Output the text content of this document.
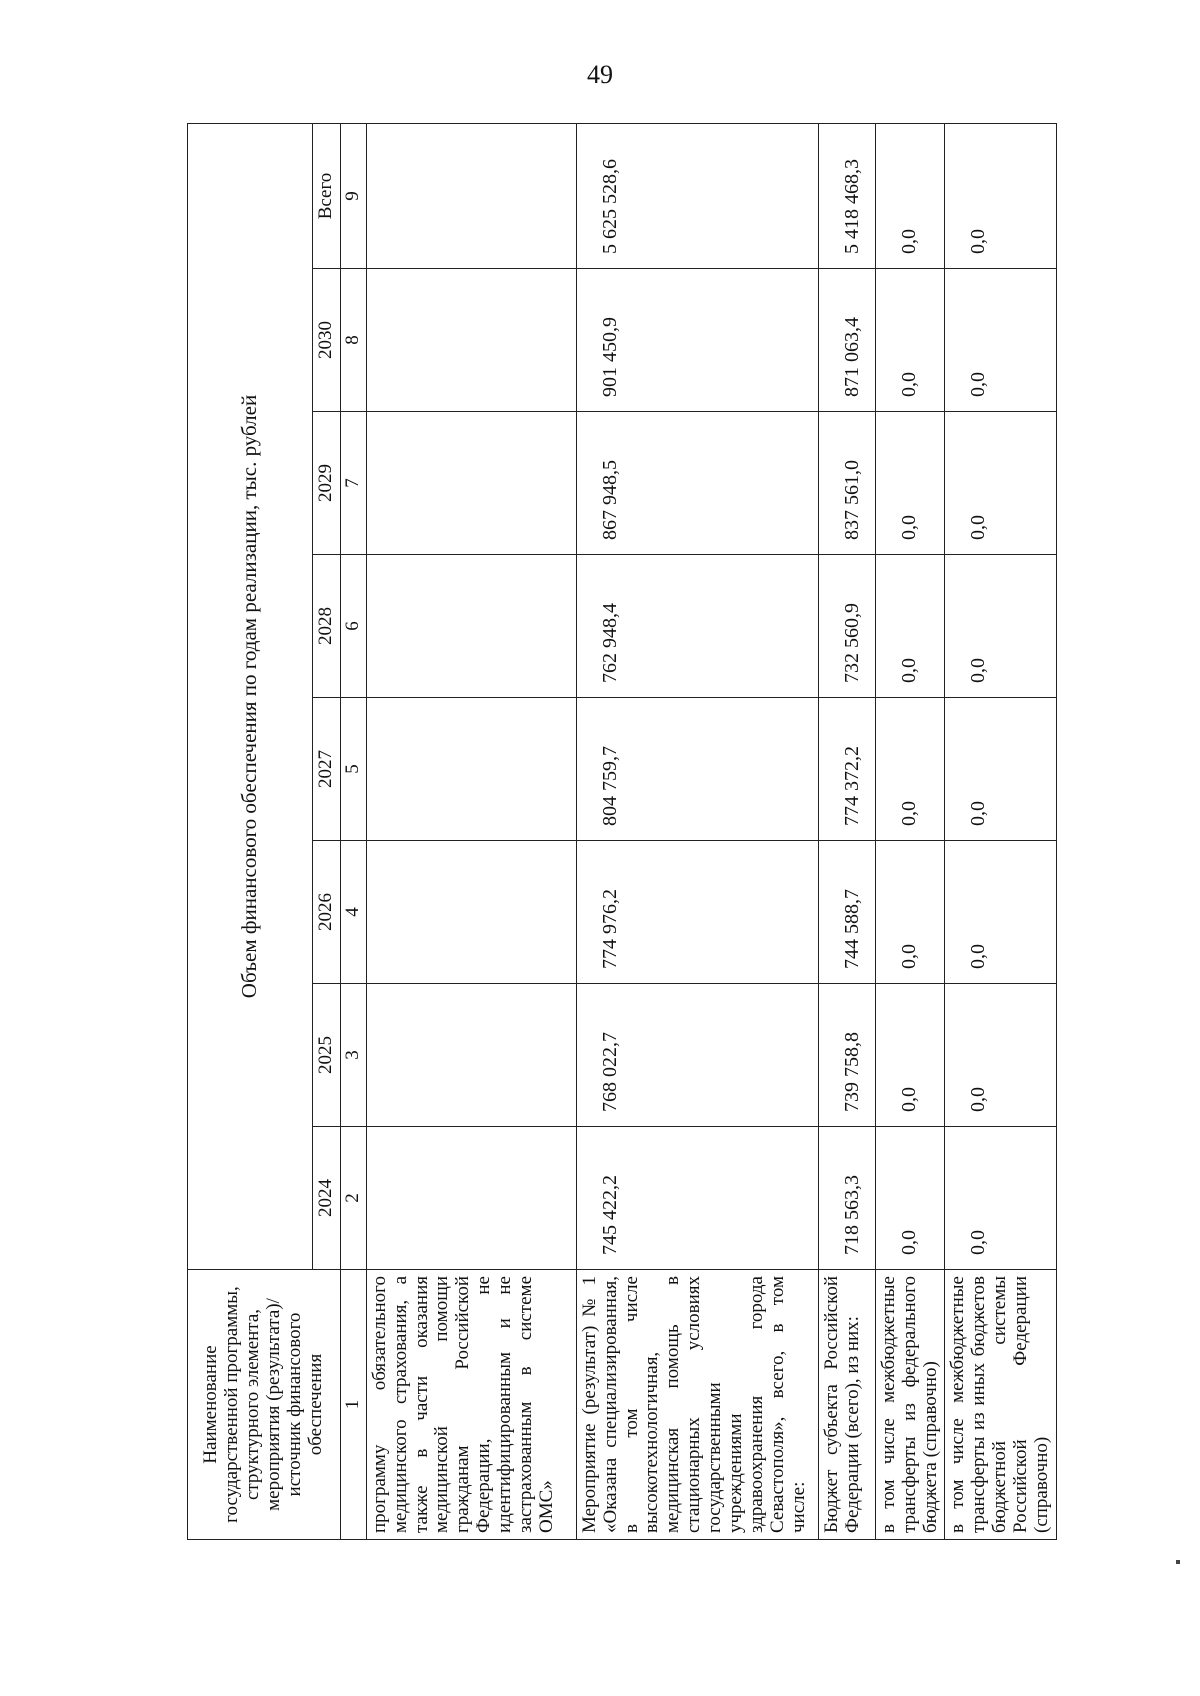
49
Наименование государственной программы, структурного элемента, мероприятия (результата)/источник финансового обеспечения	Объем финансового обеспечения по годам реализации, тыс. рублей							
	2024	2025	2026	2027	2028	2029	2030	Всего
1	2	3	4	5	6	7	8	9
программу обязательного медицинского страхования, а также в части оказания медицинской помощи гражданам Российской Федерации, не идентифицированным и не застрахованным в системе ОМС»								
Мероприятие (результат) № 1 «Оказана специализированная, в том числе высокотехнологичная, медицинская помощь в стационарных условиях государственными учреждениями здравоохранения города Севастополя», всего, в том числе:	745 422,2	768 022,7	774 976,2	804 759,7	762 948,4	867 948,5	901 450,9	5 625 528,6
Бюджет субъекта Российской Федерации (всего), из них:	718 563,3	739 758,8	744 588,7	774 372,2	732 560,9	837 561,0	871 063,4	5 418 468,3
в том числе межбюджетные трансферты из федерального бюджета (справочно)	0,0	0,0	0,0	0,0	0,0	0,0	0,0	0,0
в том числе межбюджетные трансферты из иных бюджетов бюджетной системы Российской Федерации (справочно)	0,0	0,0	0,0	0,0	0,0	0,0	0,0	0,0
